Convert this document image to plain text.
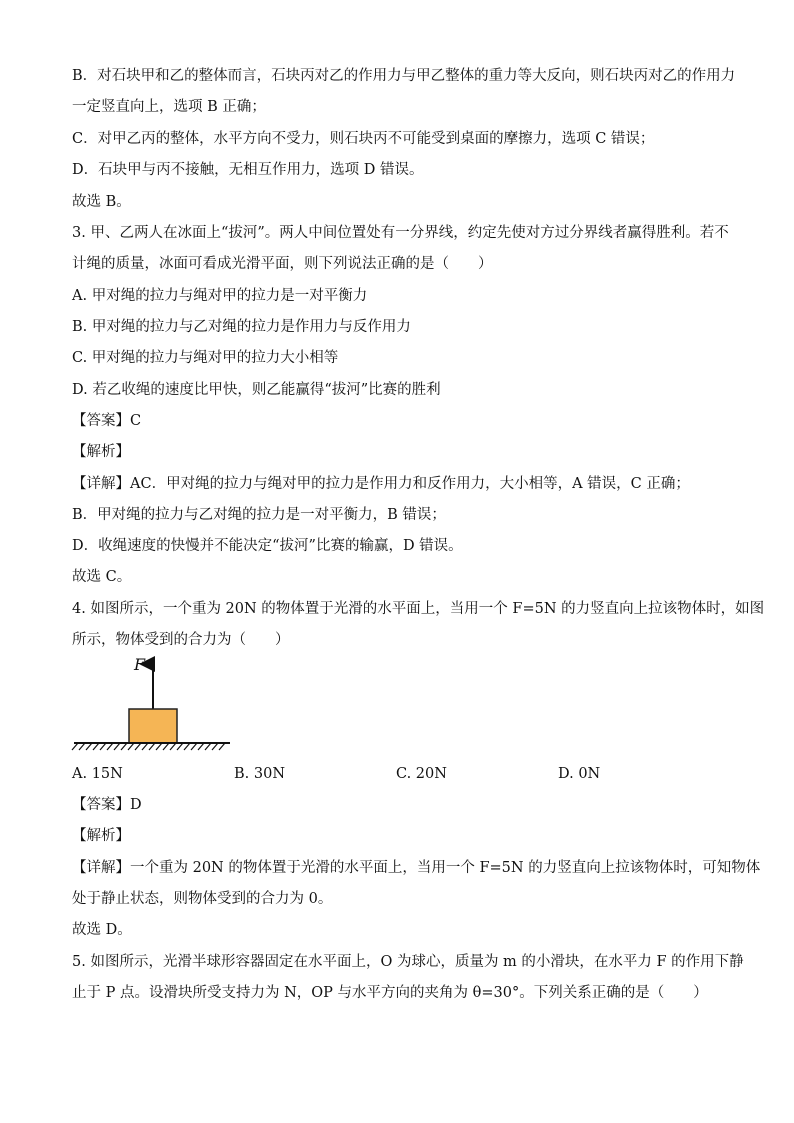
B．对石块甲和乙的整体而言，石块丙对乙的作用力与甲乙整体的重力等大反向，则石块丙对乙的作用力
一定竖直向上，选项 B 正确；
C．对甲乙丙的整体，水平方向不受力，则石块丙不可能受到桌面的摩擦力，选项 C 错误；
D．石块甲与丙不接触，无相互作用力，选项 D 错误。
故选 B。
3. 甲、乙两人在冰面上“拔河”。两人中间位置处有一分界线，约定先使对方过分界线者赢得胜利。若不
计绳的质量，冰面可看成光滑平面，则下列说法正确的是（　　）
A. 甲对绳的拉力与绳对甲的拉力是一对平衡力
B. 甲对绳的拉力与乙对绳的拉力是作用力与反作用力
C. 甲对绳的拉力与绳对甲的拉力大小相等
D. 若乙收绳的速度比甲快，则乙能赢得“拔河”比赛的胜利
【答案】C
【解析】
【详解】AC．甲对绳的拉力与绳对甲的拉力是作用力和反作用力，大小相等，A 错误，C 正确；
B．甲对绳的拉力与乙对绳的拉力是一对平衡力，B 错误；
D．收绳速度的快慢并不能决定“拔河”比赛的输赢，D 错误。
故选 C。
4. 如图所示，一个重为 20N 的物体置于光滑的水平面上，当用一个 F=5N 的力竖直向上拉该物体时，如图
所示，物体受到的合力为（　　）
F
A. 15N	B. 30N	C. 20N	D. 0N
【答案】D
【解析】
【详解】一个重为 20N 的物体置于光滑的水平面上，当用一个 F=5N 的力竖直向上拉该物体时，可知物体
处于静止状态，则物体受到的合力为 0。
故选 D。
5. 如图所示，光滑半球形容器固定在水平面上，O 为球心，质量为 m 的小滑块，在水平力 F 的作用下静
止于 P 点。设滑块所受支持力为 N，OP 与水平方向的夹角为 θ=30°。下列关系正确的是（　　）
